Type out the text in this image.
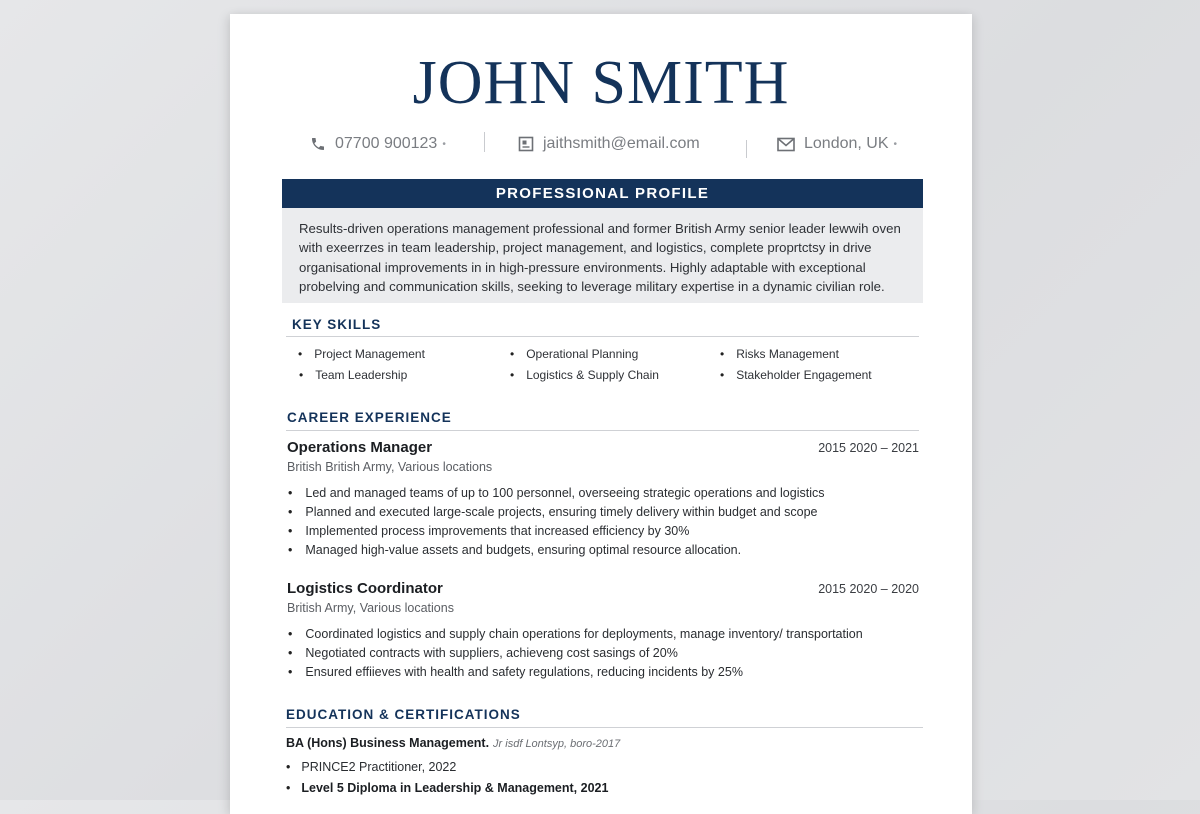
JOHN SMITH
07700 900123 •	jaithsmith@email.com	London, UK •
PROFESSIONAL PROFILE
Results-driven operations management professional and former British Army senior leader lewwih oven
with exeerrzes in team leadership, project management, and logistics, complete proprtctsy in drive
organisational improvements in in high-pressure environments. Highly adaptable with exceptional
probelving and communication skills, seeking to leverage military expertise in a dynamic civilian role.
KEY SKILLS
• Project Management	• Operational Planning	• Risks Management
• Team Leadership	• Logistics & Supply Chain	• Stakeholder Engagement
CAREER EXPERIENCE
Operations Manager	2015 2020 – 2021
British British Army, Various locations
• Led and managed teams of up to 100 personnel, overseeing strategic operations and logistics
• Planned and executed large-scale projects, ensuring timely delivery within budget and scope
• Implemented process improvements that increased efficiency by 30%
• Managed high-value assets and budgets, ensuring optimal resource allocation.
Logistics Coordinator	2015 2020 – 2020
British Army, Various locations
• Coordinated logistics and supply chain operations for deployments, manage inventory/ transportation
• Negotiated contracts with suppliers, achieveng cost sasings of 20%
• Ensured effiieves with health and safety regulations, reducing incidents by 25%
EDUCATION & CERTIFICATIONS
BA (Hons) Business Management. Jr isdf Lontsyp, boro-2017
• PRINCE2 Practitioner, 2022
• Level 5 Diploma in Leadership & Management, 2021
